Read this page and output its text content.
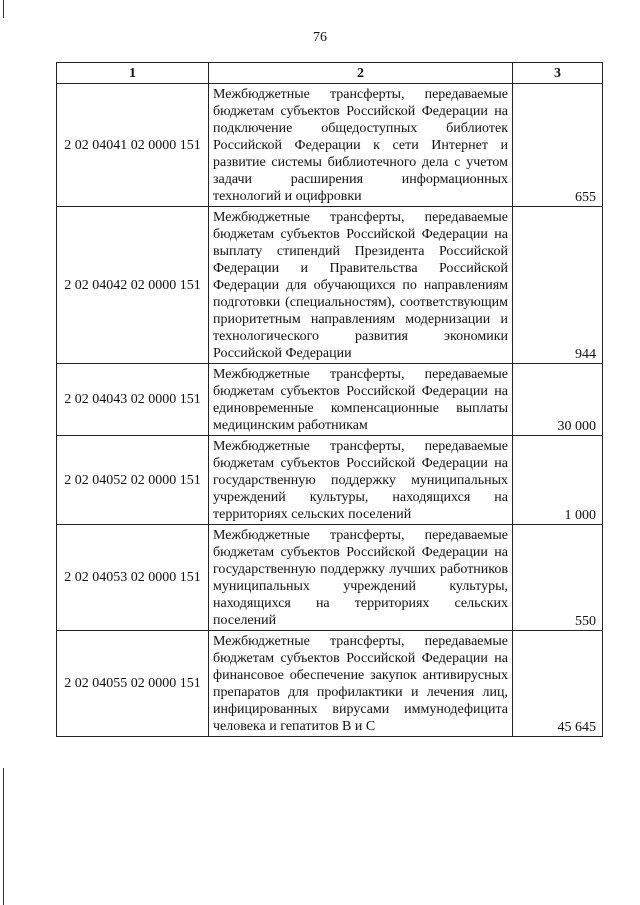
76
1	2	3
2 02 04041 02 0000 151	Межбюджетные трансферты, передаваемые бюджетам субъектов Российской Федерации на подключение общедоступных библиотек Российской Федерации к сети Интернет и развитие системы библиотечного дела с учетом задачи расширения информационных технологий и оцифровки	655
2 02 04042 02 0000 151	Межбюджетные трансферты, передаваемые бюджетам субъектов Российской Федерации на выплату стипендий Президента Российской Федерации и Правительства Российской Федерации для обучающихся по направлениям подготовки (специальностям), соответствующим приоритетным направлениям модернизации и технологического развития экономики Российской Федерации	944
2 02 04043 02 0000 151	Межбюджетные трансферты, передаваемые бюджетам субъектов Российской Федерации на единовременные компенсационные выплаты медицинским работникам	30 000
2 02 04052 02 0000 151	Межбюджетные трансферты, передаваемые бюджетам субъектов Российской Федерации на государственную поддержку муниципальных учреждений культуры, находящихся на территориях сельских поселений	1 000
2 02 04053 02 0000 151	Межбюджетные трансферты, передаваемые бюджетам субъектов Российской Федерации на государственную поддержку лучших работников муниципальных учреждений культуры, находящихся на территориях сельских поселений	550
2 02 04055 02 0000 151	Межбюджетные трансферты, передаваемые бюджетам субъектов Российской Федерации на финансовое обеспечение закупок антивирусных препаратов для профилактики и лечения лиц, инфицированных вирусами иммунодефицита человека и гепатитов В и С	45 645
